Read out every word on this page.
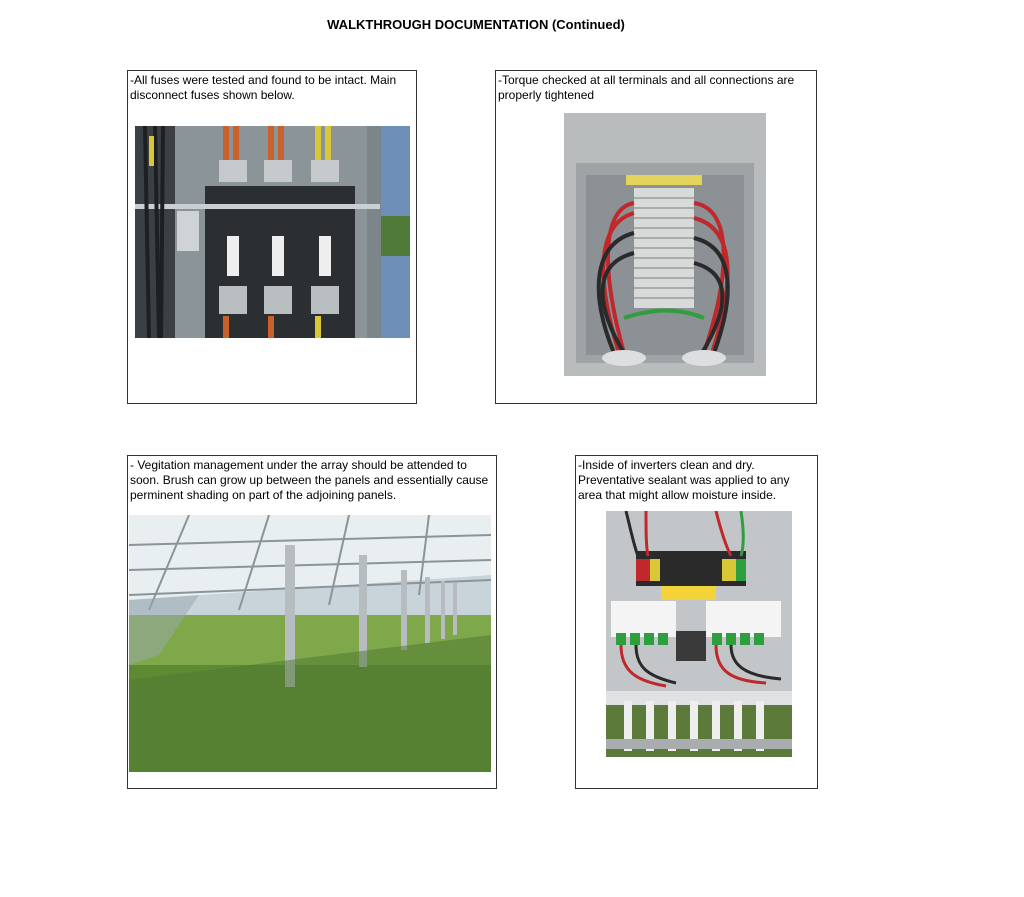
WALKTHROUGH DOCUMENTATION (Continued)
-All fuses were tested and found to be intact. Main disconnect fuses shown below.
-Torque checked at all terminals and all connections are properly tightened
- Vegitation management under the array should be attended to soon. Brush can grow up between the panels and essentially cause perminent shading on part of the adjoining panels.
-Inside of inverters clean and dry. Preventative sealant was applied to any area that might allow moisture inside.
